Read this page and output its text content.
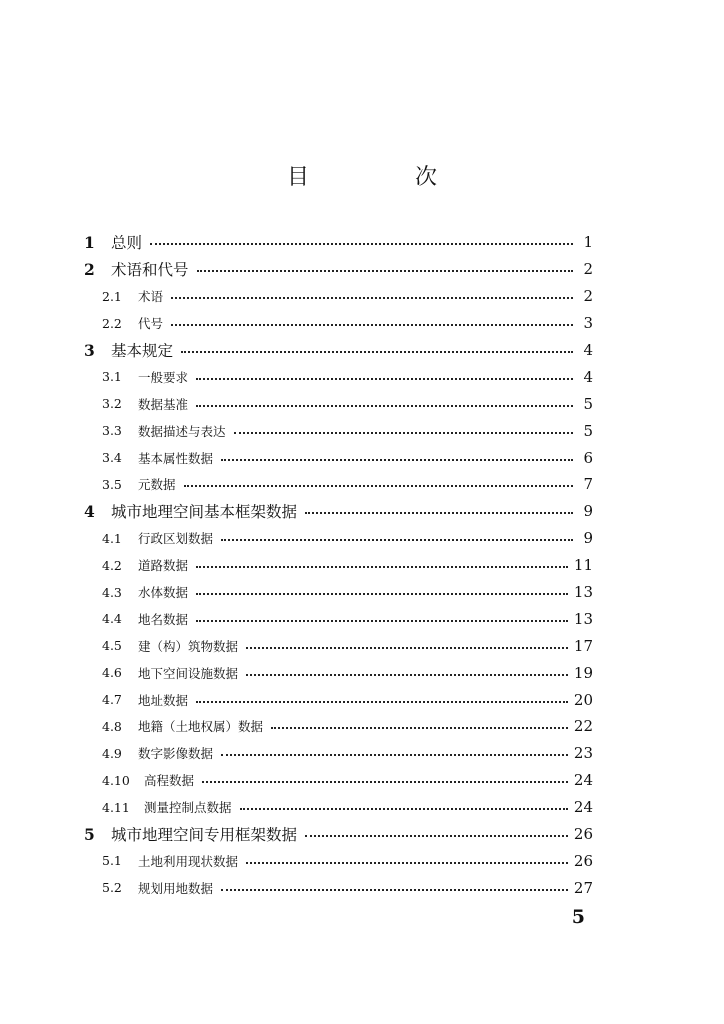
目　次
1	总则	1
2	术语和代号	2
2.1	术语	2
2.2	代号	3
3	基本规定	4
3.1	一般要求	4
3.2	数据基准	5
3.3	数据描述与表达	5
3.4	基本属性数据	6
3.5	元数据	7
4	城市地理空间基本框架数据	9
4.1	行政区划数据	9
4.2	道路数据	11
4.3	水体数据	13
4.4	地名数据	13
4.5	建（构）筑物数据	17
4.6	地下空间设施数据	19
4.7	地址数据	20
4.8	地籍（土地权属）数据	22
4.9	数字影像数据	23
4.10	高程数据	24
4.11	测量控制点数据	24
5	城市地理空间专用框架数据	26
5.1	土地利用现状数据	26
5.2	规划用地数据	27
5
